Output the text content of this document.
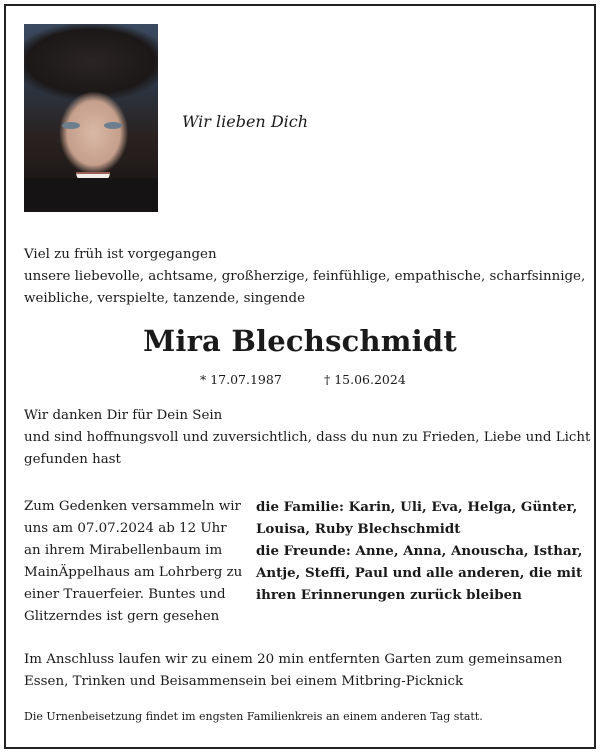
Wir lieben Dich
Viel zu früh ist vorgegangen
unsere liebevolle, achtsame, großherzige, feinfühlige, empathische, scharfsinnige,
weibliche, verspielte, tanzende, singende
Mira Blechschmidt
* 17.07.1987	† 15.06.2024
Wir danken Dir für Dein Sein
und sind hoffnungsvoll und zuversichtlich, dass du nun zu Frieden, Liebe und Licht
gefunden hast
Zum Gedenken versammeln wir
uns am 07.07.2024 ab 12 Uhr
an ihrem Mirabellenbaum im
MainÄppelhaus am Lohrberg zu
einer Trauerfeier. Buntes und
Glitzerndes ist gern gesehen
die Familie: Karin, Uli, Eva, Helga, Günter,
Louisa, Ruby Blechschmidt
die Freunde: Anne, Anna, Anouscha, Isthar,
Antje, Steffi, Paul und alle anderen, die mit
ihren Erinnerungen zurück bleiben
Im Anschluss laufen wir zu einem 20 min entfernten Garten zum gemeinsamen
Essen, Trinken und Beisammensein bei einem Mitbring-Picknick
Die Urnenbeisetzung findet im engsten Familienkreis an einem anderen Tag statt.
